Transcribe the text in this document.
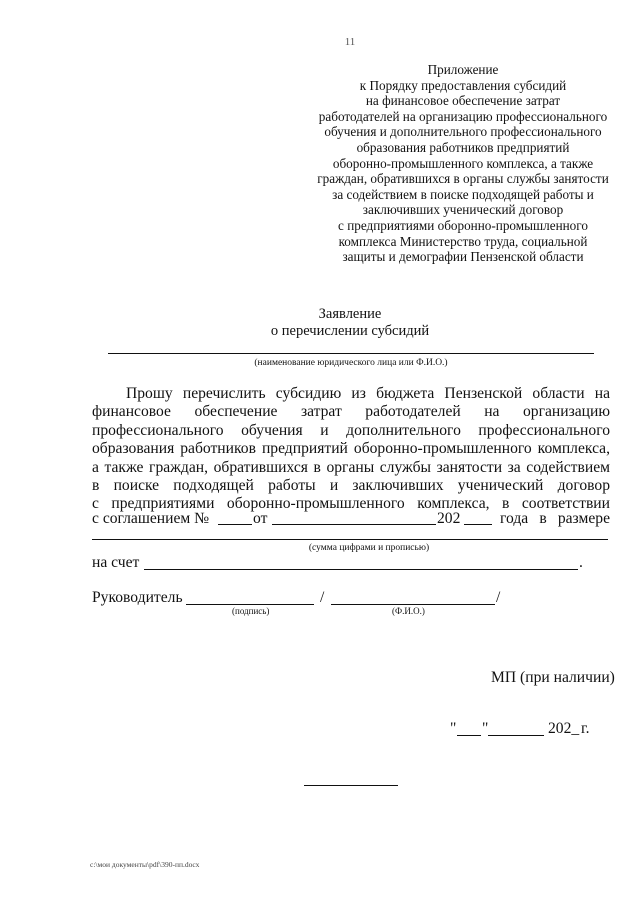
11
Приложение
к Порядку предоставления субсидий
на финансовое обеспечение затрат
работодателей на организацию профессионального
обучения и дополнительного профессионального
образования работников предприятий
оборонно-промышленного комплекса, а также
граждан, обратившихся в органы службы занятости
за содействием в поиске подходящей работы и
заключивших ученический договор
с предприятиями оборонно-промышленного
комплекса Министерство труда, социальной
защиты и демографии Пензенской области
Заявление
о перечислении субсидий
(наименование юридического лица или Ф.И.О.)
Прошу перечислить субсидию из бюджета Пензенской области на
финансовое обеспечение затрат работодателей на организацию
профессионального обучения и дополнительного профессионального
образования работников предприятий оборонно-промышленного комплекса,
а также граждан, обратившихся в органы службы занятости за содействием
в поиске подходящей работы и заключивших ученический договор
с предприятиями оборонно-промышленного комплекса, в соответствии
с соглашением №	от	202	года в размере
(сумма цифрами и прописью)
на счет	.
Руководитель	/	/
(подпись)	(Ф.И.О.)
МП (при наличии)
" "	202_ г.
c:\мои документы\pdf\390-пп.docx
